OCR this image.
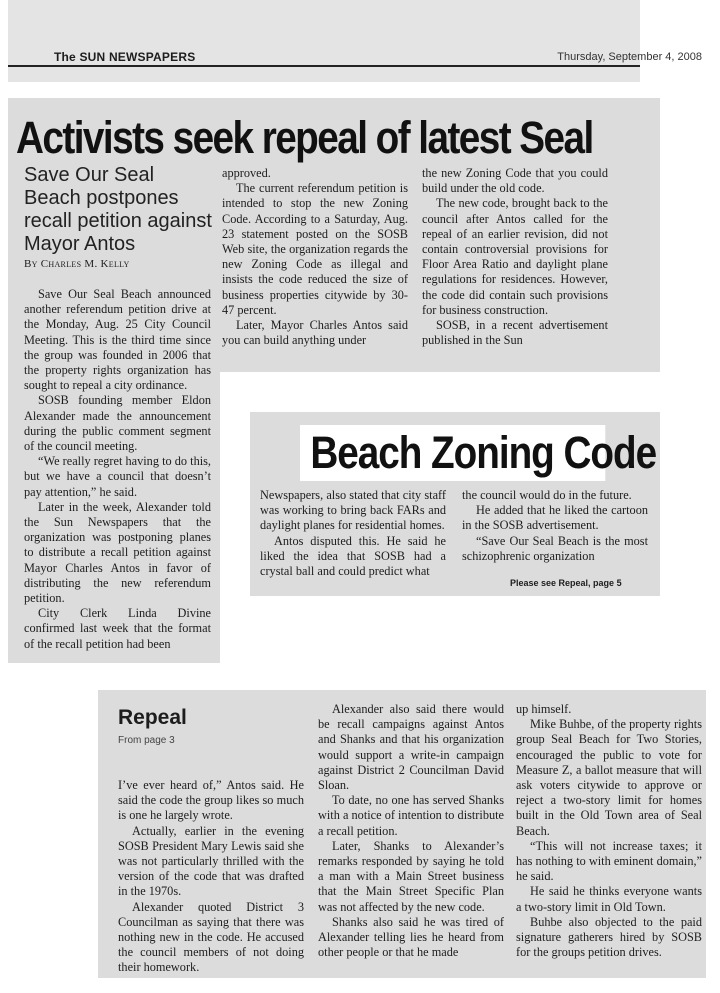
The SUN NEWSPAPERS	Thursday, September 4, 2008
Activists seek repeal of latest Seal
Save Our Seal Beach postpones recall petition against Mayor Antos
By Charles M. Kelly

Save Our Seal Beach announced another referendum petition drive at the Monday, Aug. 25 City Council Meeting. This is the third time since the group was founded in 2006 that the property rights organization has sought to repeal a city ordinance.

SOSB founding member Eldon Alexander made the announcement during the public comment segment of the council meeting.

“We really regret having to do this, but we have a council that doesn’t pay attention,” he said.

Later in the week, Alexander told the Sun Newspapers that the organization was postponing planes to distribute a recall petition against Mayor Charles Antos in favor of distributing the new referendum petition.

City Clerk Linda Divine confirmed last week that the format of the recall petition had been

approved.

The current referendum petition is intended to stop the new Zoning Code. According to a Saturday, Aug. 23 statement posted on the SOSB Web site, the organization regards the new Zoning Code as illegal and insists the code reduced the size of business properties citywide by 30-47 percent.

Later, Mayor Charles Antos said you can build anything under

the new Zoning Code that you could build under the old code.

The new code, brought back to the council after Antos called for the repeal of an earlier revision, did not contain controversial provisions for Floor Area Ratio and daylight plane regulations for residences. However, the code did contain such provisions for business construction.

SOSB, in a recent advertisement published in the Sun

Beach Zoning Code

Newspapers, also stated that city staff was working to bring back FARs and daylight planes for residential homes.

Antos disputed this. He said he liked the idea that SOSB had a crystal ball and could predict what

the council would do in the future.

He added that he liked the cartoon in the SOSB advertisement.

“Save Our Seal Beach is the most schizophrenic organization

Please see Repeal, page 5
Repeal
From page 3

I’ve ever heard of,” Antos said. He said the code the group likes so much is one he largely wrote.

Actually, earlier in the evening SOSB President Mary Lewis said she was not particularly thrilled with the version of the code that was drafted in the 1970s.

Alexander quoted District 3 Councilman as saying that there was nothing new in the code. He accused the council members of not doing their homework.

Alexander also said there would be recall campaigns against Antos and Shanks and that his organization would support a write-in campaign against District 2 Councilman David Sloan.

To date, no one has served Shanks with a notice of intention to distribute a recall petition.

Later, Shanks to Alexander’s remarks responded by saying he told a man with a Main Street business that the Main Street Specific Plan was not affected by the new code.

Shanks also said he was tired of Alexander telling lies he heard from other people or that he made

up himself.

Mike Buhbe, of the property rights group Seal Beach for Two Stories, encouraged the public to vote for Measure Z, a ballot measure that will ask voters citywide to approve or reject a two-story limit for homes built in the Old Town area of Seal Beach.

“This will not increase taxes; it has nothing to with eminent domain,” he said.

He said he thinks everyone wants a two-story limit in Old Town.

Buhbe also objected to the paid signature gatherers hired by SOSB for the groups petition drives.
